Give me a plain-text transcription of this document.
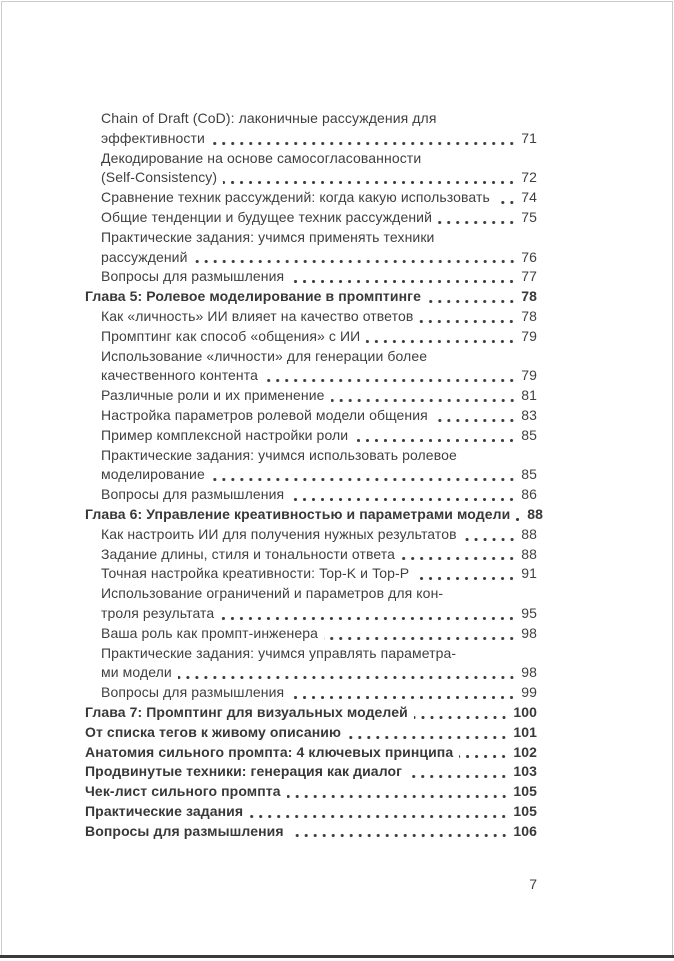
Chain of Draft (CoD): лаконичные рассуждения для
эффективности	71
Декодирование на основе самосогласованности
(Self-Consistency)	72
Сравнение техник рассуждений: когда какую использовать 74
Общие тенденции и будущее техник рассуждений	75
Практические задания: учимся применять техники
рассуждений	76
Вопросы для размышления	77
Глава 5: Ролевое моделирование в промптинге	78
Как «личность» ИИ влияет на качество ответов	78
Промптинг как способ «общения» с ИИ	79
Использование «личности» для генерации более
качественного контента	79
Различные роли и их применение	81
Настройка параметров ролевой модели общения	83
Пример комплексной настройки роли	85
Практические задания: учимся использовать ролевое
моделирование	85
Вопросы для размышления	86
Глава 6: Управление креативностью и параметрами модели 88
Как настроить ИИ для получения нужных результатов	88
Задание длины, стиля и тональности ответа	88
Точная настройка креативности: Top-K и Top-P	91
Использование ограничений и параметров для кон-
троля результата	95
Ваша роль как промпт-инженера	98
Практические задания: учимся управлять параметра-
ми модели	98
Вопросы для размышления	99
Глава 7: Промптинг для визуальных моделей	100
От списка тегов к живому описанию	101
Анатомия сильного промпта: 4 ключевых принципа	102
Продвинутые техники: генерация как диалог	103
Чек-лист сильного промпта	105
Практические задания	105
Вопросы для размышления	106
7
